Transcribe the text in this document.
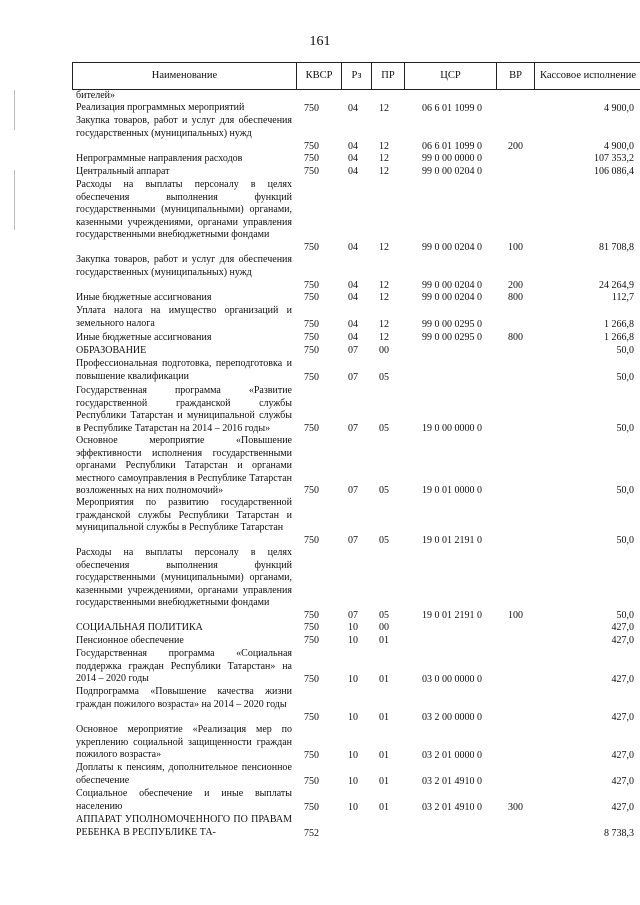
161
Наименование	КВСР	Рз	ПР	ЦСР	ВР	Кассовое исполнение
бителей»
Реализация программных мероприятий	750	04 12	06 6 01 1099 0	4 900,0
Закупка товаров, работ и услуг для обеспечения государственных (муниципальных) нужд
750	04 12	06 6 01 1099 0	200	4 900,0
Непрограммные направления расходов	750	04 12	99 0 00 0000 0	107 353,2
Центральный аппарат	750	04 12	99 0 00 0204 0	106 086,4
Расходы на выплаты персоналу в целях обеспечения выполнения функций государственными (муниципальными) органами, казенными учреждениями, органами управления государственными внебюджетными фондами
750	04 12	99 0 00 0204 0	100	81 708,8
Закупка товаров, работ и услуг для обеспечения государственных (муниципальных) нужд
750	04 12	99 0 00 0204 0	200	24 264,9
Иные бюджетные ассигнования	750	04 12	99 0 00 0204 0	800	112,7
Уплата налога на имущество организаций и земельного налога	750	04 12	99 0 00 0295 0	1 266,8
Иные бюджетные ассигнования	750	04 12	99 0 00 0295 0	800	1 266,8
ОБРАЗОВАНИЕ	750	07 00	50,0
Профессиональная подготовка, переподготовка и повышение квалификации	750	07 05	50,0
Государственная программа «Развитие государственной гражданской службы Республики Татарстан и муниципальной службы в Республике Татарстан на 2014 – 2016 годы»	750	07 05	19 0 00 0000 0	50,0
Основное мероприятие «Повышение эффективности исполнения государственными органами Республики Татарстан и органами местного самоуправления в Республике Татарстан возложенных на них полномочий»	750	07 05	19 0 01 0000 0	50,0
Мероприятия по развитию государственной гражданской службы Республики Татарстан и муниципальной службы в Республике Татарстан
750	07 05	19 0 01 2191 0	50,0
Расходы на выплаты персоналу в целях обеспечения выполнения функций государственными (муниципальными) органами, казенными учреждениями, органами управления государственными внебюджетными фондами
750	07 05	19 0 01 2191 0	100	50,0
СОЦИАЛЬНАЯ ПОЛИТИКА	750	10 00	427,0
Пенсионное обеспечение	750	10 01	427,0
Государственная программа «Социальная поддержка граждан Республики Татарстан» на 2014 – 2020 годы	750	10 01	03 0 00 0000 0	427,0
Подпрограмма «Повышение качества жизни граждан пожилого возраста» на 2014 – 2020 годы
750	10 01	03 2 00 0000 0	427,0
Основное мероприятие «Реализация мер по укреплению социальной защищенности граждан пожилого возраста»	750	10 01	03 2 01 0000 0	427,0
Доплаты к пенсиям, дополнительное пенсионное обеспечение	750	10 01	03 2 01 4910 0	427,0
Социальное обеспечение и иные выплаты населению	750	10 01	03 2 01 4910 0	300	427,0
АППАРАТ УПОЛНОМОЧЕННОГО ПО ПРАВАМ РЕБЕНКА В РЕСПУБЛИКЕ ТА-	752	8 738,3
